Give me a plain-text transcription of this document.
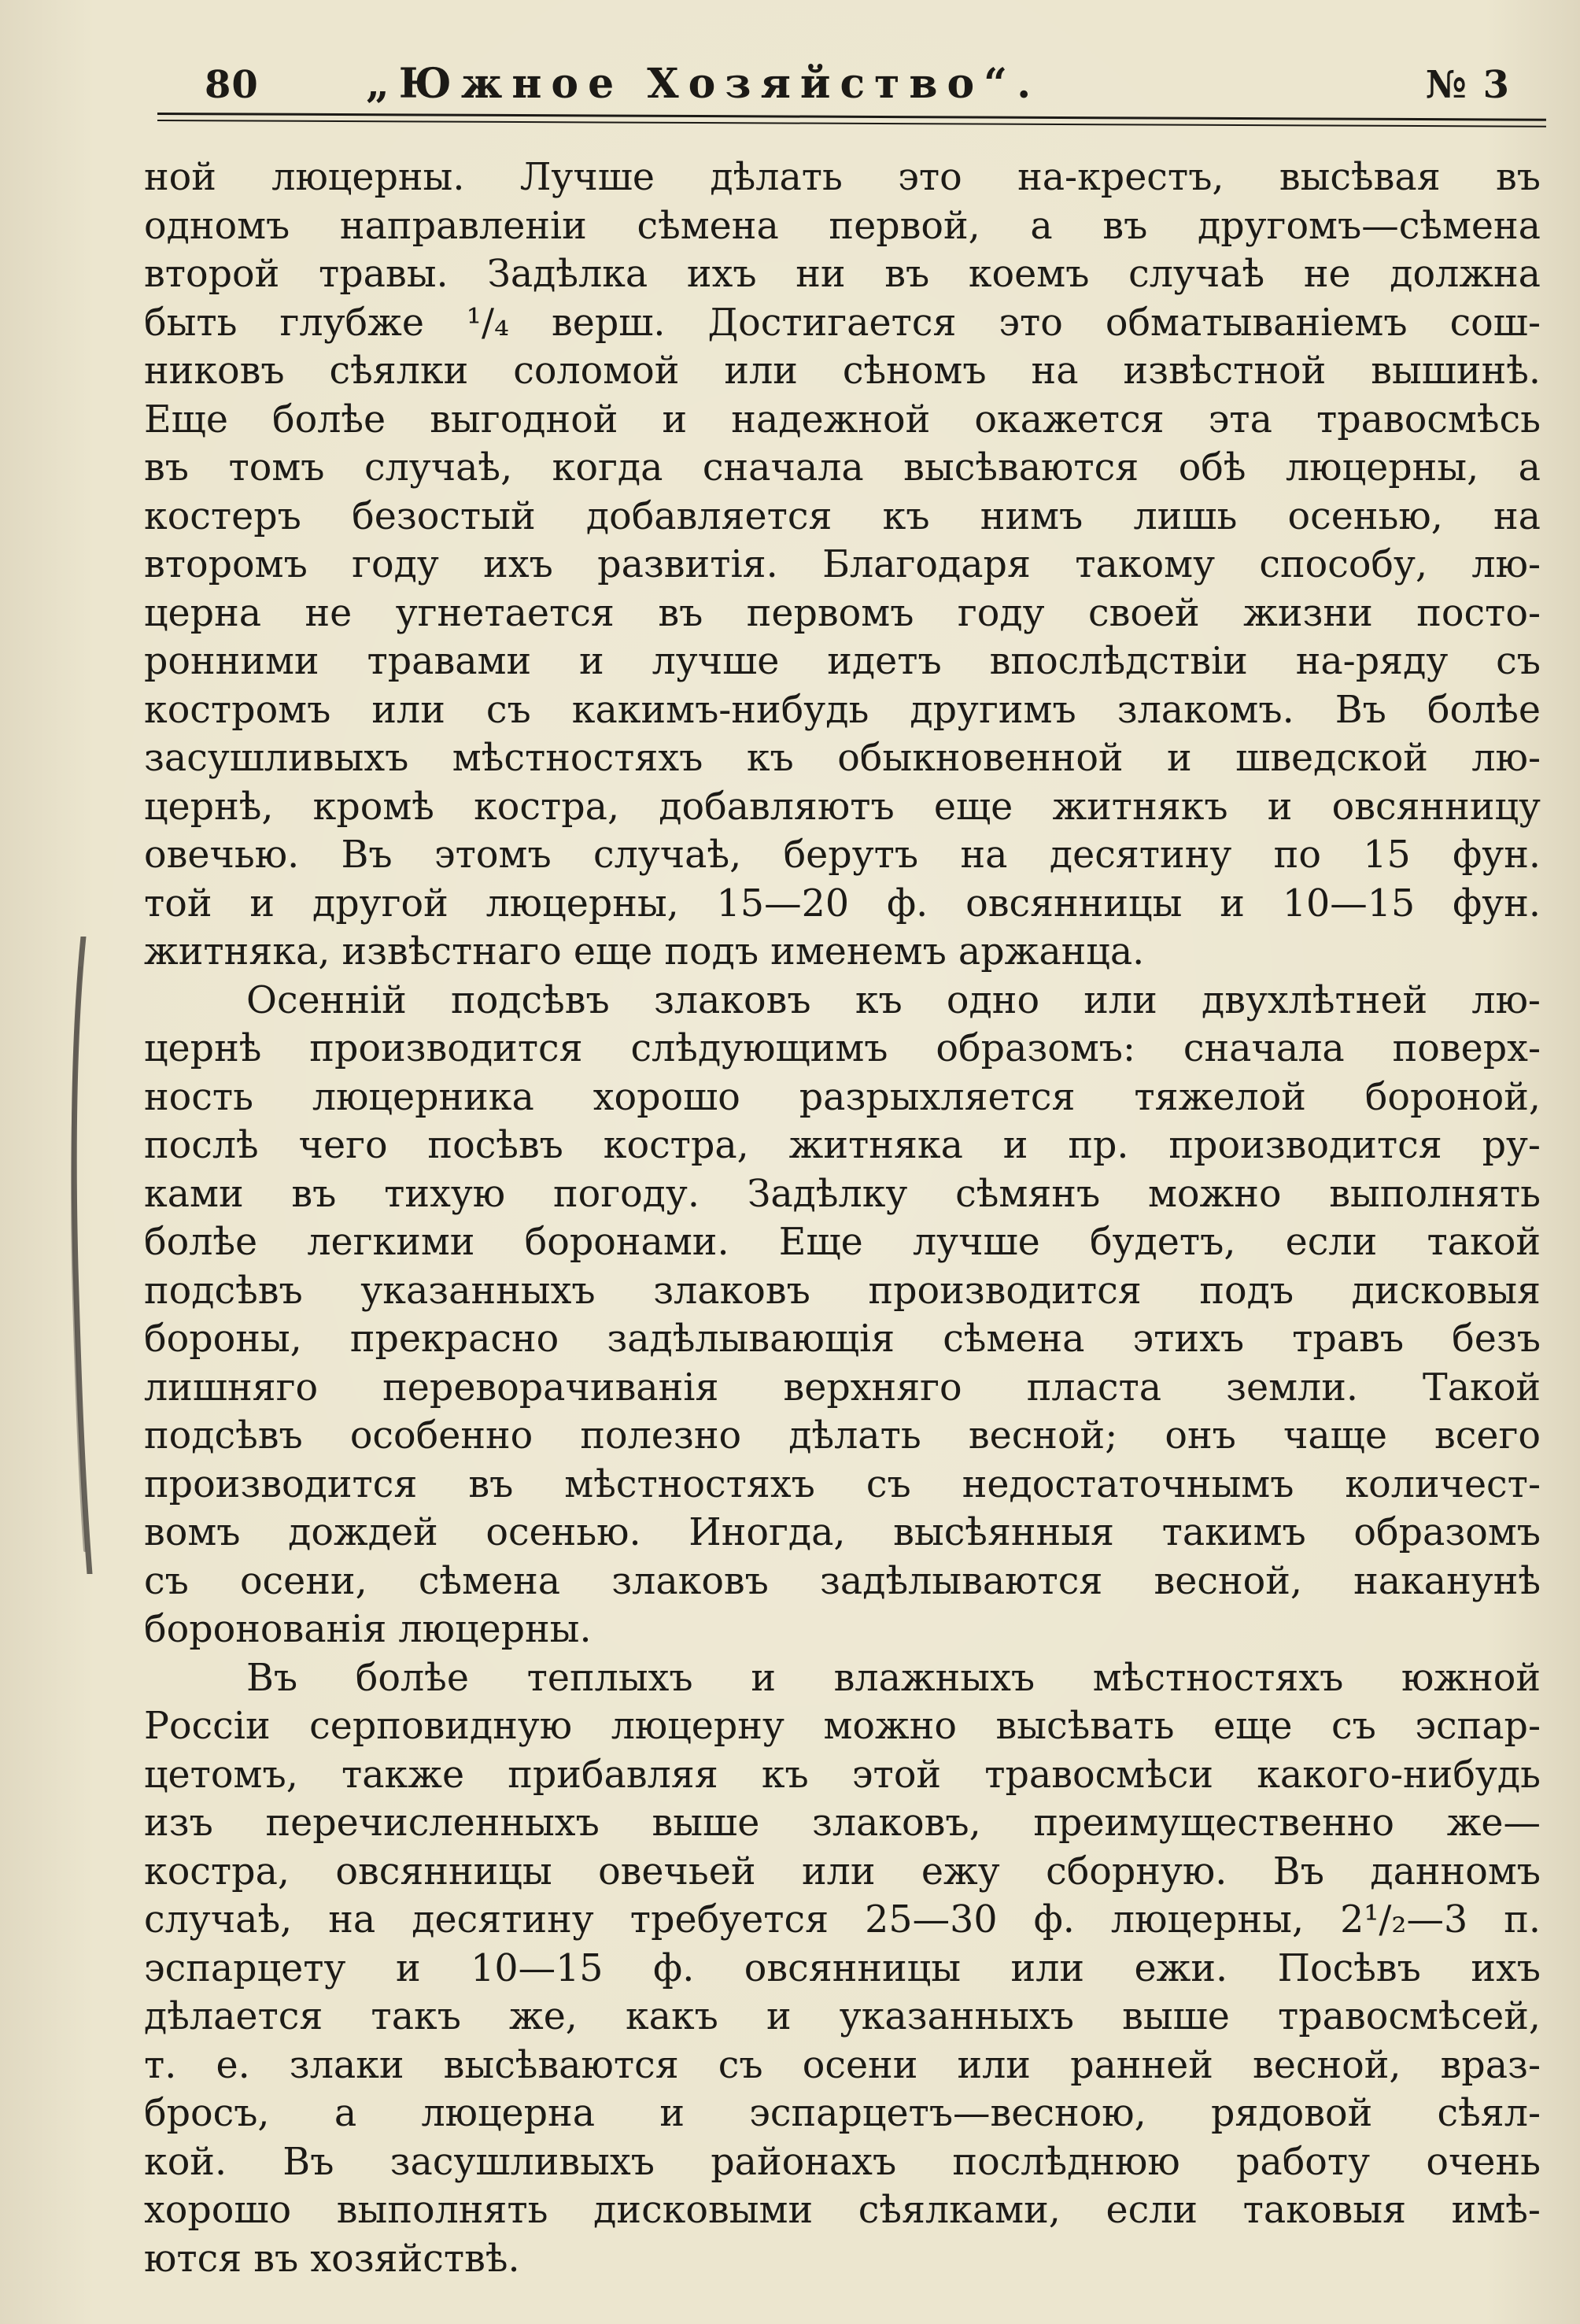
80	„Южное Хозяйство“.	№ 3
ной люцерны. Лучше дѣлать это на-крестъ, высѣвая въ
одномъ направленіи сѣмена первой, а въ другомъ—сѣмена
второй травы. Задѣлка ихъ ни въ коемъ случаѣ не должна
быть глубже ¹/₄ верш. Достигается это обматываніемъ сош-
никовъ сѣялки соломой или сѣномъ на извѣстной вышинѣ.
Еще болѣе выгодной и надежной окажется эта травосмѣсь
въ томъ случаѣ, когда сначала высѣваются обѣ люцерны, а
костеръ безостый добавляется къ нимъ лишь осенью, на
второмъ году ихъ развитія. Благодаря такому способу, лю-
церна не угнетается въ первомъ году своей жизни посто-
ронними травами и лучше идетъ впослѣдствіи на-ряду съ
костромъ или съ какимъ-нибудь другимъ злакомъ. Въ болѣе
засушливыхъ мѣстностяхъ къ обыкновенной и шведской лю-
цернѣ, кромѣ костра, добавляютъ еще житнякъ и овсянницу
овечью. Въ этомъ случаѣ, берутъ на десятину по 15 фун.
той и другой люцерны, 15—20 ф. овсянницы и 10—15 фун.
житняка, извѣстнаго еще подъ именемъ аржанца.
Осенній подсѣвъ злаковъ къ одно или двухлѣтней лю-
цернѣ производится слѣдующимъ образомъ: сначала поверх-
ность люцерника хорошо разрыхляется тяжелой бороной,
послѣ чего посѣвъ костра, житняка и пр. производится ру-
ками въ тихую погоду. Задѣлку сѣмянъ можно выполнять
болѣе легкими боронами. Еще лучше будетъ, если такой
подсѣвъ указанныхъ злаковъ производится подъ дисковыя
бороны, прекрасно задѣлывающія сѣмена этихъ травъ безъ
лишняго переворачиванія верхняго пласта земли. Такой
подсѣвъ особенно полезно дѣлать весной; онъ чаще всего
производится въ мѣстностяхъ съ недостаточнымъ количест-
вомъ дождей осенью. Иногда, высѣянныя такимъ образомъ
съ осени, сѣмена злаковъ задѣлываются весной, наканунѣ
боронованія люцерны.
Въ болѣе теплыхъ и влажныхъ мѣстностяхъ южной
Россіи серповидную люцерну можно высѣвать еще съ эспар-
цетомъ, также прибавляя къ этой травосмѣси какого-нибудь
изъ перечисленныхъ выше злаковъ, преимущественно же—
костра, овсянницы овечьей или ежу сборную. Въ данномъ
случаѣ, на десятину требуется 25—30 ф. люцерны, 2¹/₂—3 п.
эспарцету и 10—15 ф. овсянницы или ежи. Посѣвъ ихъ
дѣлается такъ же, какъ и указанныхъ выше травосмѣсей,
т. е. злаки высѣваются съ осени или ранней весной, враз-
бросъ, а люцерна и эспарцетъ—весною, рядовой сѣял-
кой. Въ засушливыхъ районахъ послѣднюю работу очень
хорошо выполнять дисковыми сѣялками, если таковыя имѣ-
ются въ хозяйствѣ.
